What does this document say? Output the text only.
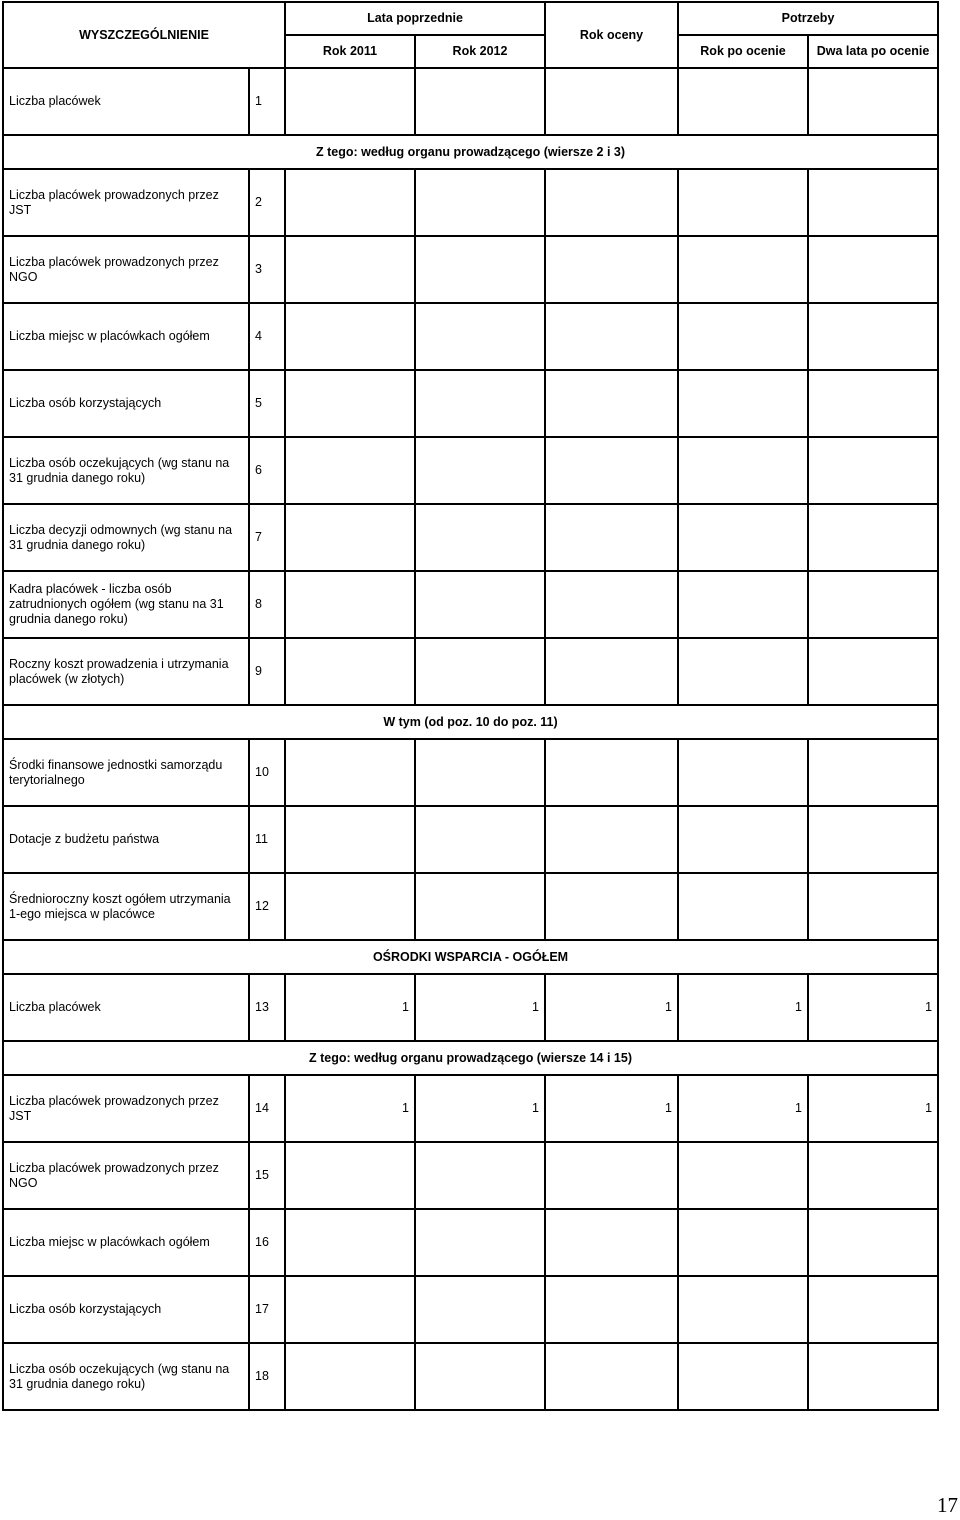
WYSZCZEGÓLNIENIE		Lata poprzednie		Rok oceny	Potrzeby	
		Rok 2011	Rok 2012		Rok po ocenie	Dwa lata po ocenie
Liczba placówek	1					
Z tego: według organu prowadzącego (wiersze 2 i 3)						
Liczba placówek prowadzonych przez JST	2					
Liczba placówek prowadzonych przez NGO	3					
Liczba miejsc w placówkach ogółem	4					
Liczba osób korzystających	5					
Liczba osób oczekujących (wg stanu na 31 grudnia danego roku)	6					
Liczba decyzji odmownych (wg stanu na 31 grudnia danego roku)	7					
Kadra placówek - liczba osób zatrudnionych ogółem (wg stanu na 31 grudnia danego roku)	8					
Roczny koszt prowadzenia i utrzymania placówek (w złotych)	9					
W tym (od poz. 10 do poz. 11)						
Środki finansowe jednostki samorządu terytorialnego	10					
Dotacje z budżetu państwa	11					
Średnioroczny koszt ogółem utrzymania 1-ego miejsca w placówce	12					
OŚRODKI WSPARCIA - OGÓŁEM						
Liczba placówek	13	1	1	1	1	1
Z tego: według organu prowadzącego (wiersze 14 i 15)						
Liczba placówek prowadzonych przez JST	14	1	1	1	1	1
Liczba placówek prowadzonych przez NGO	15					
Liczba miejsc w placówkach ogółem	16					
Liczba osób korzystających	17					
Liczba osób oczekujących (wg stanu na 31 grudnia danego roku)	18					
17
